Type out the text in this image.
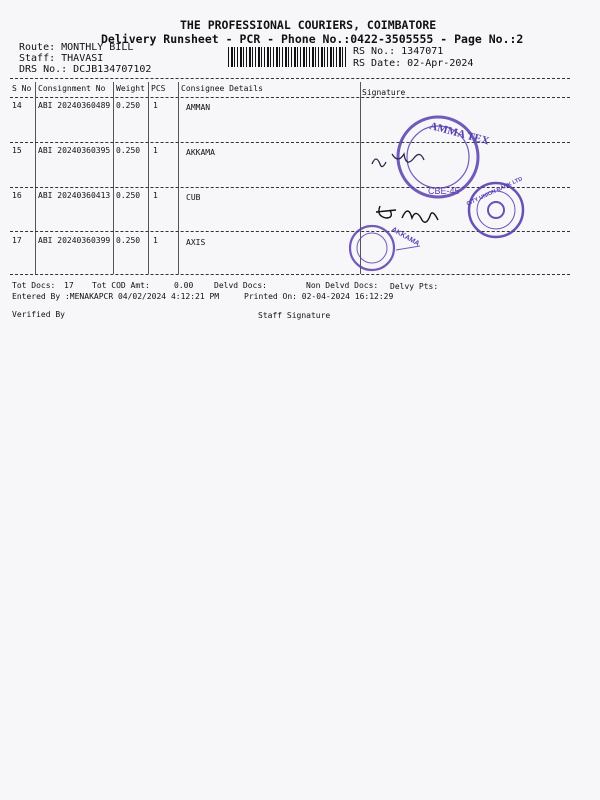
THE PROFESSIONAL COURIERS, COIMBATORE
Delivery Runsheet - PCR - Phone No.:0422-3505555 - Page No.:2
Route: MONTHLY BILL
Staff: THAVASI
DRS No.: DCJB134707102
RS No.: 1347071
RS Date: 02-Apr-2024
S No Consignment No Weight PCS Consignee Details	Signature
14 ABI 20240360489 0.250 1	AMMAN
15 ABI 20240360395 0.250 1	AKKAMA
16 ABI 20240360413 0.250 1	CUB
17 ABI 20240360399 0.250 1	AXIS
Tot Docs: 17 Tot COD Amt:	0.00	Delvd Docs:	Non Delvd Docs: Delvy Pts:
Entered By :MENAKAPCR 04/02/2024 4:12:21 PM	Printed On: 02-04-2024 16:12:29
Verified By	Staff Signature
AMMA TEX
CBE-45 CITY UNION BANK LTD
AKKAMA
